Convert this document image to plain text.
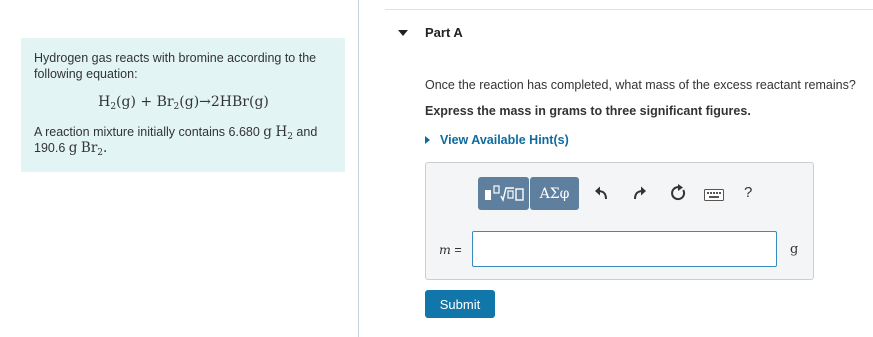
Hydrogen gas reacts with bromine according to the following equation:

$H_2(g) + Br_2(g)\to 2HBr(g)$

A reaction mixture initially contains 6.680 g $H_2$ and
190.6 g $Br_2$.

Part A
Once the reaction has completed, what mass of the excess reactant remains?
Express the mass in grams to three significant figures.
View Available Hint(s)
ΑΣφ	?
m =	g
Submit
